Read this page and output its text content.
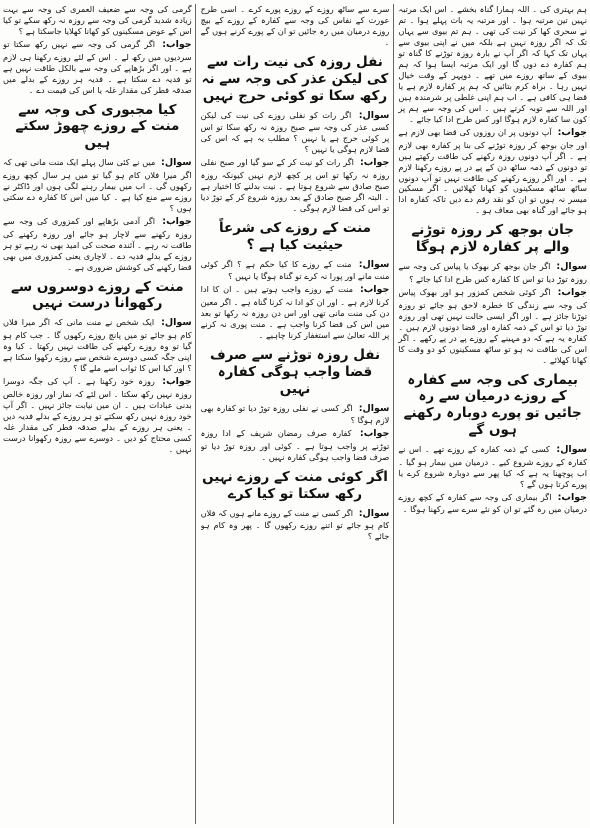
ہم بہتری کی ۔ اللہ ہمارا گناہ بخشے ۔ اس ایک مرتبہ نہیں تین مرتبہ ہوا ۔ اور مرتبہ یہ بات پہلے ہوا ۔ تم نے سحری کھا کر نیت کی تھی ۔ ہم تم بیوی سے یہاں تک کہ اگر روزہ نہیں ہے بلکہ میں نے اپنی بیوی سے یہاں تک کہا کہ اگر آپ نے بارہ روزہ توڑنے کا گناہ تو ہم کفارہ دے دوں گا اور ایک مرتبہ ایسا ہوا کہ ہم بیوی کے ساتھ روزے میں تھے ۔ دوپہر کے وقت خیال نہیں رہا ۔ براہ کرم بتائیں کہ ہم پر کفارہ لازم ہے یا قضا ہی کافی ہے ۔ اب ہم اپنی غلطی پر شرمندہ ہیں اور اللہ سے توبہ کرتے ہیں ۔ اس کی وجہ سے ہم پر کون سا کفارہ لازم ہوگا اور کس طرح ادا کیا جائے ۔

جواب: آپ دونوں پر ان روزوں کی قضا بھی لازم ہے اور جان بوجھ کر روزہ توڑنے کی بنا پر کفارہ بھی لازم ہے ۔ اگر آپ دونوں روزہ رکھنے کی طاقت رکھتے ہیں تو دونوں کے ذمہ ساٹھ دن کے پے در پے روزے رکھنا لازم ہے ۔ اور اگر روزے رکھنے کی طاقت نہیں تو آپ دونوں ساٹھ ساٹھ مسکینوں کو کھانا کھلائیں ۔ اگر مسکین میسر نہ ہوں تو ان کو نقد رقم دے دیں تاکہ کفارہ ادا ہو جائے اور گناہ بھی معاف ہو ۔
جان بوجھ کر روزہ توڑنے والے پر کفارہ لازم ہوگا
سوال: اگر جان بوجھ کر بھوک یا پیاس کی وجہ سے روزہ توڑ دیا تو اس کا کفارہ کس طرح ادا کیا جائے ؟
جواب: اگر کوئی شخص کمزور ہو اور بھوک پیاس کی وجہ سے زندگی کا خطرہ لاحق ہو جائے تو روزہ توڑنا جائز ہے ۔ اور اگر ایسی حالت نہیں تھی اور روزہ توڑ دیا تو اس کے ذمہ کفارہ اور قضا دونوں لازم ہیں ۔ کفارہ یہ ہے کہ دو مہینے کے روزے پے در پے رکھے ۔ اگر اس کی طاقت نہ ہو تو ساٹھ مسکینوں کو دو وقت کا کھانا کھلائے ۔
بیماری کی وجہ سے کفارہ کے روزے درمیان سے رہ جائیں تو پورے دوبارہ رکھنے ہوں گے
سوال: کسی کے ذمہ کفارہ کے روزے تھے ۔ اس نے کفارہ کے روزے شروع کیے ۔ درمیان میں بیمار ہو گیا ۔ اب پوچھنا یہ ہے کہ کیا پھر سے دوبارہ شروع کرے یا پورے کرتا ہوں گے ؟
جواب: اگر بیماری کی وجہ سے کفارہ کے کچھ روزے درمیان میں رہ گئے تو ان کو نئے سرے سے رکھنا ہوگا ۔

سرے سے ساٹھ روزے کے روزے پورے کرے ۔ اسی طرح عورت کے نفاس کی وجہ سے کفارہ کے روزے کے بیچ روزے درمیان میں رہ جائیں تو ان کے پورے کرنے ہوں گے ۔

نفل روزہ کی نیت رات سے کی لیکن عذر کی وجہ سے نہ رکھ سکا تو کوئی حرج نہیں
سوال: اگر رات کو نفلی روزے کی نیت کی لیکن کسی عذر کی وجہ سے صبح روزہ نہ رکھ سکا تو اس پر کوئی حرج ہے یا نہیں ؟ مطلب یہ ہے کہ اس کی قضا لازم ہوگی یا نہیں ؟
جواب: اگر رات کو نیت کر کے سو گیا اور صبح نفلی روزہ نہ رکھا تو اس پر کچھ لازم نہیں کیونکہ روزہ صبح صادق سے شروع ہوتا ہے ۔ نیت بدلنے کا اختیار ہے ۔ البتہ اگر صبح صادق کے بعد روزہ شروع کر کے توڑ دیا تو اس کی قضا لازم ہوگی ۔
منت کے روزے کی شرعاً حیثیت کیا ہے ؟
سوال: منت کے روزے کا کیا حکم ہے ؟ اگر کوئی منت مانے اور پورا نہ کرے تو گناہ ہوگا یا نہیں ؟
جواب: منت کے روزے واجب ہوتے ہیں ۔ ان کا ادا کرنا لازم ہے ۔ اور ان کو ادا نہ کرنا گناہ ہے ۔ اگر معین دن کی منت مانی تھی اور اس دن روزہ نہ رکھا تو بعد میں اس کی قضا کرنا واجب ہے ۔ منت پوری نہ کرنے پر اللہ تعالیٰ سے استغفار کرنا چاہیے ۔
نفل روزہ توڑنے سے صرف قضا واجب ہوگی کفارہ نہیں
سوال: اگر کسی نے نفلی روزہ توڑ دیا تو کفارہ بھی لازم ہوگا ؟
جواب: کفارہ صرف رمضان شریف کے ادا روزہ توڑنے پر واجب ہوتا ہے ۔ کوئی اور روزہ توڑ دیا تو صرف قضا واجب ہوگی کفارہ نہیں ۔
اگر کوئی منت کے روزے نہیں رکھ سکتا تو کیا کرے
سوال: اگر کسی نے منت کے روزے مانے ہوں کہ فلاں کام ہو جائے تو اتنے روزے رکھوں گا ۔ پھر وہ کام ہو جائے ؟

گرمی کی وجہ سے ضعیف العمری کی وجہ سے بہت زیادہ شدید گرمی کی وجہ سے روزہ نہ رکھ سکے تو کیا اس کے عوض مسکینوں کو کھانا کھلایا جاسکتا ہے ؟

جواب: اگر گرمی کی وجہ سے نہیں رکھ سکتا تو سردیوں میں رکھ لے ۔ اس کے لئے روزے رکھنا ہی لازم ہے ۔ اور اگر بڑھاپے کی وجہ سے بالکل طاقت نہیں ہے تو فدیہ دے سکتا ہے ۔ فدیہ ہر روزے کے بدلے میں صدقہ فطر کی مقدار غلہ یا اس کی قیمت دے ۔
کیا مجبوری کی وجہ سے منت کے روزے چھوڑ سکتے ہیں
سوال: میں نے کئی سال پہلے ایک منت مانی تھی کہ اگر میرا فلاں کام ہو گیا تو میں ہر سال کچھ روزے رکھوں گی ۔ اب میں بیمار رہنے لگی ہوں اور ڈاکٹر نے روزے سے منع کیا ہے ۔ کیا میں اس کا کفارہ دے سکتی ہوں ؟
جواب: اگر آدمی بڑھاپے اور کمزوری کی وجہ سے روزہ رکھنے سے لاچار ہو جائے اور روزہ رکھنے کی طاقت نہ رہے ۔ آئندہ صحت کی امید بھی نہ رہے تو ہر روزے کے بدلے فدیہ دے ۔ لاچاری یعنی کمزوری میں بھی قضا رکھنے کی کوشش ضروری ہے ۔
منت کے روزے دوسروں سے رکھوانا درست نہیں
سوال: ایک شخص نے منت مانی کہ اگر میرا فلاں کام ہو جائے تو میں پانچ روزے رکھوں گا ۔ جب کام ہو گیا تو وہ روزے رکھنے کی طاقت نہیں رکھتا ۔ کیا وہ اپنی جگہ کسی دوسرے شخص سے روزے رکھوا سکتا ہے ؟ اور کیا اس کا ثواب اسے ملے گا ؟
جواب: روزہ خود رکھنا ہے ۔ آپ کی جگہ دوسرا روزہ نہیں رکھ سکتا ۔ اس لئے کہ نماز اور روزہ خالص بدنی عبادات ہیں ۔ ان میں نیابت جائز نہیں ۔ اگر آپ خود روزہ نہیں رکھ سکتے تو ہر روزے کے بدلے فدیہ دیں ۔ یعنی ہر روزے کے بدلے صدقہ فطر کی مقدار غلہ کسی محتاج کو دیں ۔ دوسرے سے روزہ رکھوانا درست نہیں ۔
